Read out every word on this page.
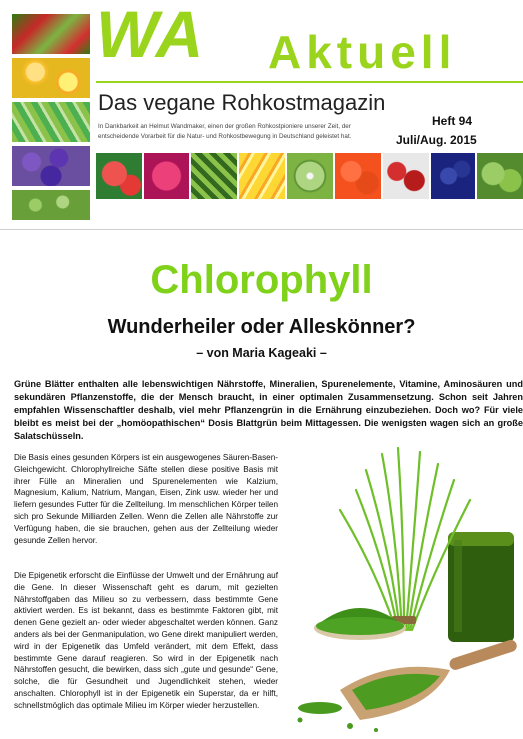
WA Aktuell
Das vegane Rohkostmagazin
In Dankbarkeit an Helmut Wandmaker, einen der großen Rohkostpioniere unserer Zeit, der entscheidende Vorarbeit für die Natur- und Rohkostbewegung in Deutschland geleistet hat.
Heft 94
Juli/Aug. 2015
Chlorophyll
Wunderheiler oder Alleskönner?
– von Maria Kageaki –
Grüne Blätter enthalten alle lebenswichtigen Nährstoffe, Mineralien, Spurenelemente, Vitamine, Aminosäuren und sekundären Pflanzenstoffe, die der Mensch braucht, in einer optimalen Zusammensetzung. Schon seit Jahren empfahlen Wissenschaftler deshalb, viel mehr Pflanzengrün in die Ernährung einzubeziehen. Doch wo? Für viele bleibt es meist bei der „homöopathischen“ Dosis Blattgrün beim Mittagessen. Die wenigsten wagen sich an große Salatschüsseln.
Die Basis eines gesunden Körpers ist ein ausgewogenes Säuren-Basen-Gleichgewicht. Chlorophyllreiche Säfte stellen diese positive Basis mit ihrer Fülle an Mineralien und Spurenelementen wie Kalzium, Magnesium, Kalium, Natrium, Mangan, Eisen, Zink usw. wieder her und liefern gesundes Futter für die Zellteilung. Im menschlichen Körper teilen sich pro Sekunde Milliarden Zellen. Wenn die Zellen alle Nährstoffe zur Verfügung haben, die sie brauchen, gehen aus der Zellteilung wieder gesunde Zellen hervor.
Die Epigenetik erforscht die Einflüsse der Umwelt und der Ernährung auf die Gene. In dieser Wissenschaft geht es darum, mit gezielten Nährstoffgaben das Milieu so zu verbessern, dass bestimmte Gene aktiviert werden. Es ist bekannt, dass es bestimmte Faktoren gibt, mit denen Gene gezielt an- oder wieder abgeschaltet werden können. Ganz anders als bei der Genmanipulation, wo Gene direkt manipuliert werden, wird in der Epigenetik das Umfeld verändert, mit dem Effekt, dass bestimmte Gene darauf reagieren. So wird in der Epigenetik nach Nährstoffen gesucht, die bewirken, dass sich „gute und gesunde“ Gene, solche, die für Gesundheit und Jugendlichkeit stehen, wieder anschalten. Chlorophyll ist in der Epigenetik ein Superstar, da er hilft, schnellstmöglich das optimale Milieu im Körper wieder herzustellen.
